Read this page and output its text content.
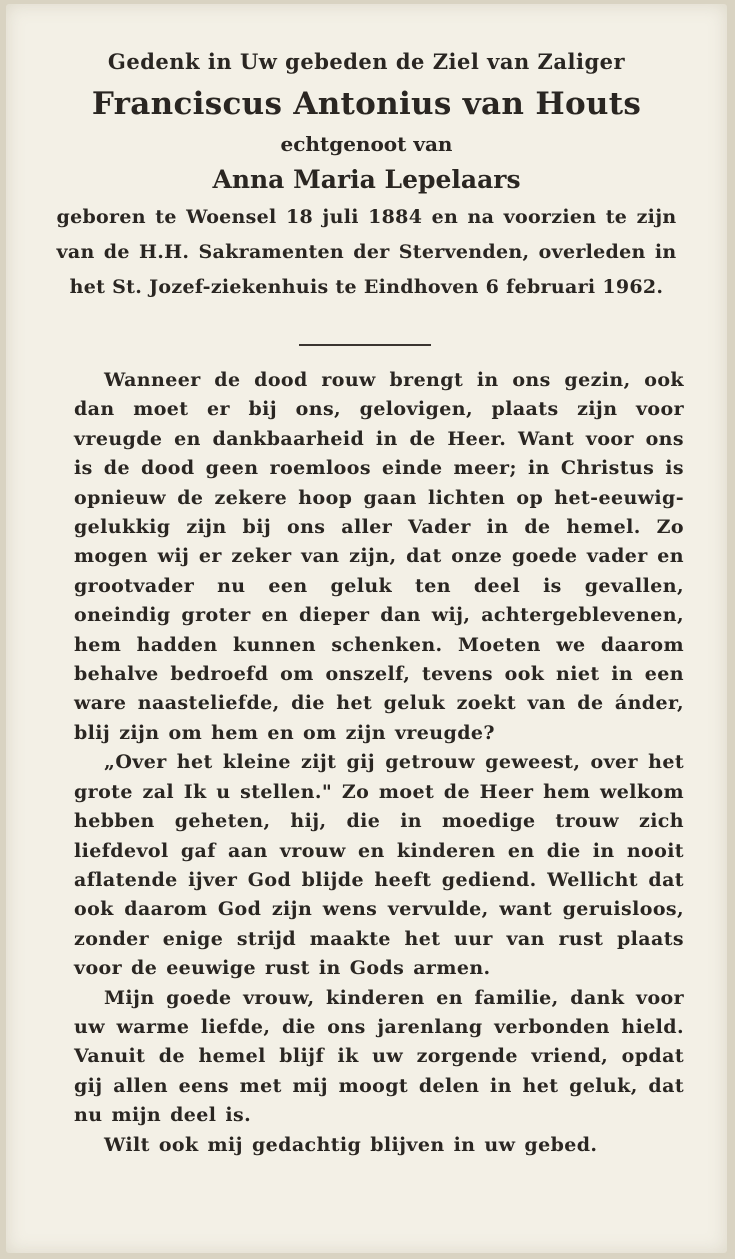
Gedenk in Uw gebeden de Ziel van Zaliger

Franciscus Antonius van Houts

echtgenoot van

Anna Maria Lepelaars

geboren te Woensel 18 juli 1884 en na voorzien te zijn van de H.H. Sakramenten der Stervenden, overleden in het St. Jozef-ziekenhuis te Eindhoven 6 februari 1962.

Wanneer de dood rouw brengt in ons gezin, ook dan moet er bij ons, gelovigen, plaats zijn voor vreugde en dankbaarheid in de Heer. Want voor ons is de dood geen roemloos einde meer; in Christus is opnieuw de zekere hoop gaan lichten op het-eeuwig-gelukkig zijn bij ons aller Vader in de hemel. Zo mogen wij er zeker van zijn, dat onze goede vader en grootvader nu een geluk ten deel is gevallen, oneindig groter en dieper dan wij, achtergeblevenen, hem hadden kunnen schenken. Moeten we daarom behalve bedroefd om onszelf, tevens ook niet in een ware naasteliefde, die het geluk zoekt van de ánder, blij zijn om hem en om zijn vreugde?

„Over het kleine zijt gij getrouw geweest, over het grote zal Ik u stellen." Zo moet de Heer hem welkom hebben geheten, hij, die in moedige trouw zich liefdevol gaf aan vrouw en kinderen en die in nooit aflatende ijver God blijde heeft gediend. Wellicht dat ook daarom God zijn wens vervulde, want geruisloos, zonder enige strijd maakte het uur van rust plaats voor de eeuwige rust in Gods armen.

Mijn goede vrouw, kinderen en familie, dank voor uw warme liefde, die ons jarenlang verbonden hield. Vanuit de hemel blijf ik uw zorgende vriend, opdat gij allen eens met mij moogt delen in het geluk, dat nu mijn deel is.

Wilt ook mij gedachtig blijven in uw gebed.
